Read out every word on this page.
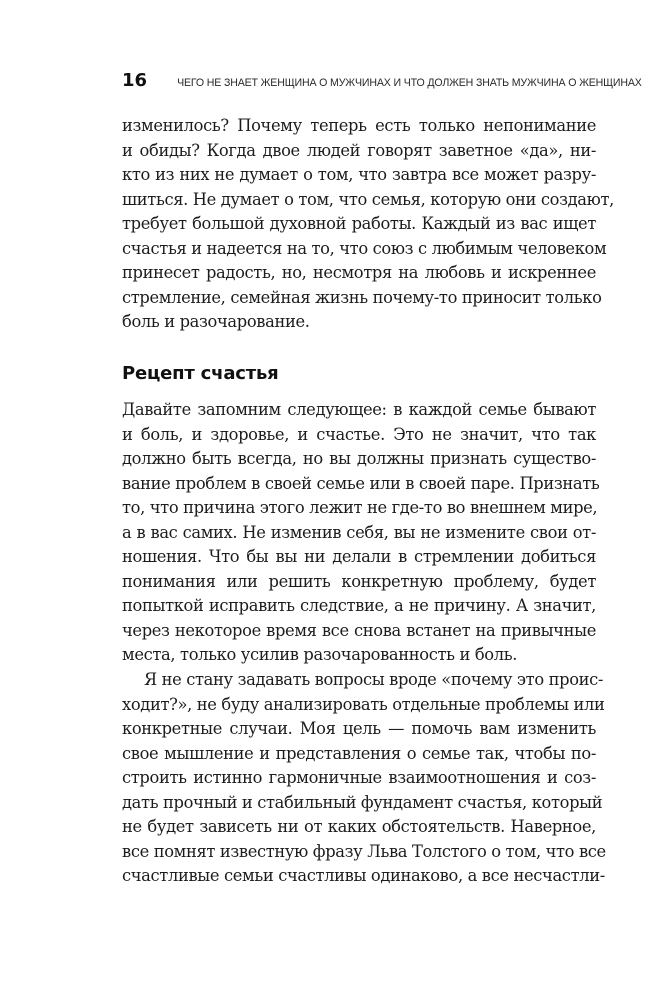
16	ЧЕГО НЕ ЗНАЕТ ЖЕНЩИНА О МУЖЧИНАХ И ЧТО ДОЛЖЕН ЗНАТЬ МУЖЧИНА О ЖЕНЩИНАХ
изменилось? Почему теперь есть только непонимание
и обиды? Когда двое людей говорят заветное «да», ни-
кто из них не думает о том, что завтра все может разру-
шиться. Не думает о том, что семья, которую они создают,
требует большой духовной работы. Каждый из вас ищет
счастья и надеется на то, что союз с любимым человеком
принесет радость, но, несмотря на любовь и искреннее
стремление, семейная жизнь почему-то приносит только
боль и разочарование.
Рецепт счастья
Давайте запомним следующее: в каждой семье бывают
и боль, и здоровье, и счастье. Это не значит, что так
должно быть всегда, но вы должны признать существо-
вание проблем в своей семье или в своей паре. Признать
то, что причина этого лежит не где-то во внешнем мире,
а в вас самих. Не изменив себя, вы не измените свои от-
ношения. Что бы вы ни делали в стремлении добиться
понимания или решить конкретную проблему, будет
попыткой исправить следствие, а не причину. А значит,
через некоторое время все снова встанет на привычные
места, только усилив разочарованность и боль.
Я не стану задавать вопросы вроде «почему это проис-
ходит?», не буду анализировать отдельные проблемы или
конкретные случаи. Моя цель — помочь вам изменить
свое мышление и представления о семье так, чтобы по-
строить истинно гармоничные взаимоотношения и соз-
дать прочный и стабильный фундамент счастья, который
не будет зависеть ни от каких обстоятельств. Наверное,
все помнят известную фразу Льва Толстого о том, что все
счастливые семьи счастливы одинаково, а все несчастли-
